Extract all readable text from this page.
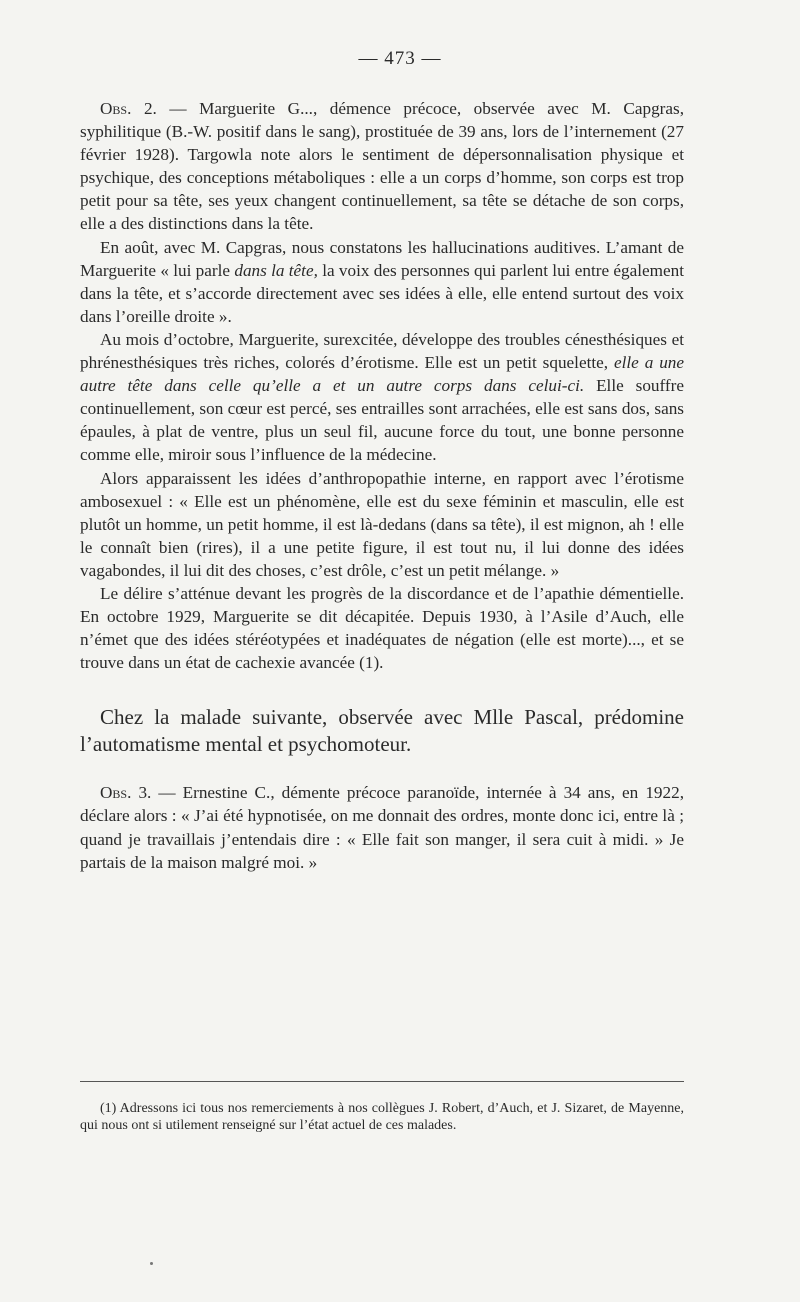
— 473 —

Obs. 2. — Marguerite G..., démence précoce, observée avec M. Capgras, syphilitique (B.-W. positif dans le sang), prostituée de 39 ans, lors de l’internement (27 février 1928). Targowla note alors le sentiment de dépersonnalisation physique et psychique, des conceptions métaboliques : elle a un corps d’homme, son corps est trop petit pour sa tête, ses yeux changent continuellement, sa tête se détache de son corps, elle a des distinctions dans la tête.

En août, avec M. Capgras, nous constatons les hallucinations auditives. L’amant de Marguerite « lui parle dans la tête, la voix des personnes qui parlent lui entre également dans la tête, et s’accorde directement avec ses idées à elle, elle entend surtout des voix dans l’oreille droite ».

Au mois d’octobre, Marguerite, surexcitée, développe des troubles cénesthésiques et phrénesthésiques très riches, colorés d’érotisme. Elle est un petit squelette, elle a une autre tête dans celle qu’elle a et un autre corps dans celui-ci. Elle souffre continuellement, son cœur est percé, ses entrailles sont arrachées, elle est sans dos, sans épaules, à plat de ventre, plus un seul fil, aucune force du tout, une bonne personne comme elle, miroir sous l’influence de la médecine.

Alors apparaissent les idées d’anthropopathie interne, en rapport avec l’érotisme ambosexuel : « Elle est un phénomène, elle est du sexe féminin et masculin, elle est plutôt un homme, un petit homme, il est là-dedans (dans sa tête), il est mignon, ah ! elle le connaît bien (rires), il a une petite figure, il est tout nu, il lui donne des idées vagabondes, il lui dit des choses, c’est drôle, c’est un petit mélange. »

Le délire s’atténue devant les progrès de la discordance et de l’apathie démentielle. En octobre 1929, Marguerite se dit décapitée. Depuis 1930, à l’Asile d’Auch, elle n’émet que des idées stéréotypées et inadéquates de négation (elle est morte)..., et se trouve dans un état de cachexie avancée (1).

Chez la malade suivante, observée avec Mlle Pascal, prédomine l’automatisme mental et psychomoteur.

Obs. 3. — Ernestine C., démente précoce paranoïde, internée à 34 ans, en 1922, déclare alors : « J’ai été hypnotisée, on me donnait des ordres, monte donc ici, entre là ; quand je travaillais j’entendais dire : « Elle fait son manger, il sera cuit à midi. » Je partais de la maison malgré moi. »

(1) Adressons ici tous nos remerciements à nos collègues J. Robert, d’Auch, et J. Sizaret, de Mayenne, qui nous ont si utilement renseigné sur l’état actuel de ces malades.
